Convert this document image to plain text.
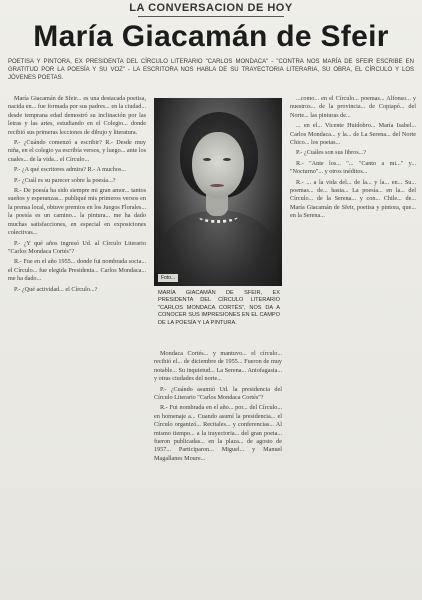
LA CONVERSACION DE HOY
María Giacamán de Sfeir
POETISA Y PINTORA, EX PRESIDENTA DEL CÍRCULO LITERARIO "CARLOS MONDACA" - "CONTRA NOS MARÍA DE SFEIR ESCRIBE EN GRATITUD POR LA POESÍA Y SU VOZ" - LA ESCRITORA NOS HABLA DE SU TRAYECTORIA LITERARIA, SU OBRA, EL CÍRCULO Y LOS JÓVENES POETAS.

María Giacamán de Sfeir... es una destacada poetisa, nacida en... fue formada por sus padres... en la ciudad... desde temprana edad demostró su inclinación por las letras y las artes, estudiando en el Colegio... donde recibió sus primeras lecciones de dibujo y literatura.

P.- ¿Cuándo comenzó a escribir? R.- Desde muy niña, en el colegio ya escribía versos, y luego... ante los cuales... de la vida... el Círculo...

P.- ¿A qué escritores admira? R.- A muchos...

P.- ¿Cuál es su parecer sobre la poesía...?

R.- De poesía ha sido siempre mi gran amor... tantos sueños y esperanzas... publiqué mis primeros versos en la prensa local, obtuve premios en los Juegos Florales... la poesía es un camino... la pintura... me ha dado muchas satisfacciones, en especial en exposiciones colectivas...

P.- ¿Y qué años ingresó Ud. al Círculo Literario "Carlos Mondaca Cortés"?

R.- Fue en el año 1955... donde fui nombrada socia... el Círculo... fue elegida Presidenta... Carlos Mondaca... me ha dado...

P.- ¿Qué actividad... el Círculo...?

Foto...
MARÍA GIACAMÁN DE SFEIR, EX PRESIDENTA DEL CÍRCULO LITERARIO "CARLOS MONDACA CORTÉS", NOS DA A CONOCER SUS IMPRESIONES EN EL CAMPO DE LA POESÍA Y LA PINTURA.

Mondaca Cortés... y mantuvo... el círculo... recibió el... de diciembre de 1955... Fueron de muy notable... Su inquietud... La Serena... Antofagasta... y otras ciudades del norte...

P.- ¿Cuándo asumió Ud. la presidencia del Círculo Literario "Carlos Mondaca Cortés"?

R.- Fui nombrada en el año... por... del Círculo... en homenaje a... Cuando asumí la presidencia... el Círculo organizó... Recitales... y conferencias... Al mismo tiempo... a la trayectoria... del gran poeta... fueron publicadas... en la plaza... de agosto de 1957... Participaron... Miguel... y Manuel Magallanes Moure...

...como... en el Círculo... poemas... Alfonso... y nuestros... de la provincia... de Copiapó... del Norte... las pinturas de...

... en el... Vicente Huidobro... María Isabel... Carlos Mondaca... y la... de La Serena... del Norte Chico... los poetas...

P.- ¿Cuáles son sus libros...?

R.- "Ante los... "... "Canto a mi..." y... "Nocturno"... y otros inéditos...

R.- ... a la vida del... de la... y la... en... Su... poemas... de... hasta... La poesía... en la... del Círculo... de la Serena... y con... Chile... de... María Giacamán de Sfeir, poetisa y pintora, que... en la Serena...
